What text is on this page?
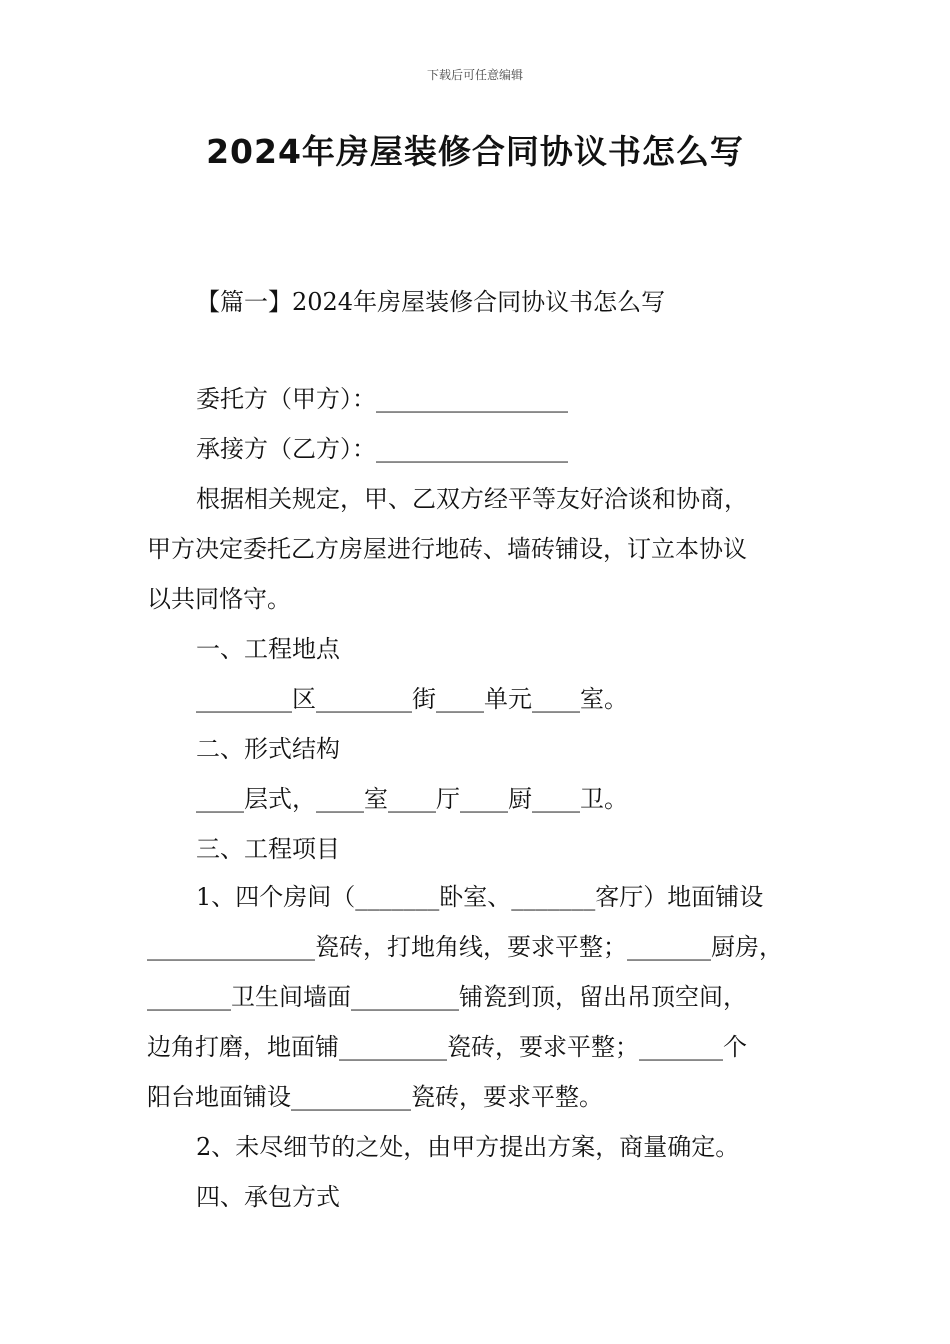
下载后可任意编辑
2024年房屋装修合同协议书怎么写
【篇一】2024年房屋装修合同协议书怎么写
委托方（甲方）：________________
承接方（乙方）：________________
根据相关规定，甲、乙双方经平等友好洽谈和协商，
甲方决定委托乙方房屋进行地砖、墙砖铺设，订立本协议
以共同恪守。
一、工程地点
________区________街____单元____室。
二、形式结构
____层式，____室____厅____厨____卫。
三、工程项目
1、四个房间（_______卧室、_______客厅）地面铺设
______________瓷砖，打地角线，要求平整；_______厨房，
_______卫生间墙面_________铺瓷到顶，留出吊顶空间，
边角打磨，地面铺_________瓷砖，要求平整；_______个
阳台地面铺设__________瓷砖，要求平整。
2、未尽细节的之处，由甲方提出方案，商量确定。
四、承包方式
